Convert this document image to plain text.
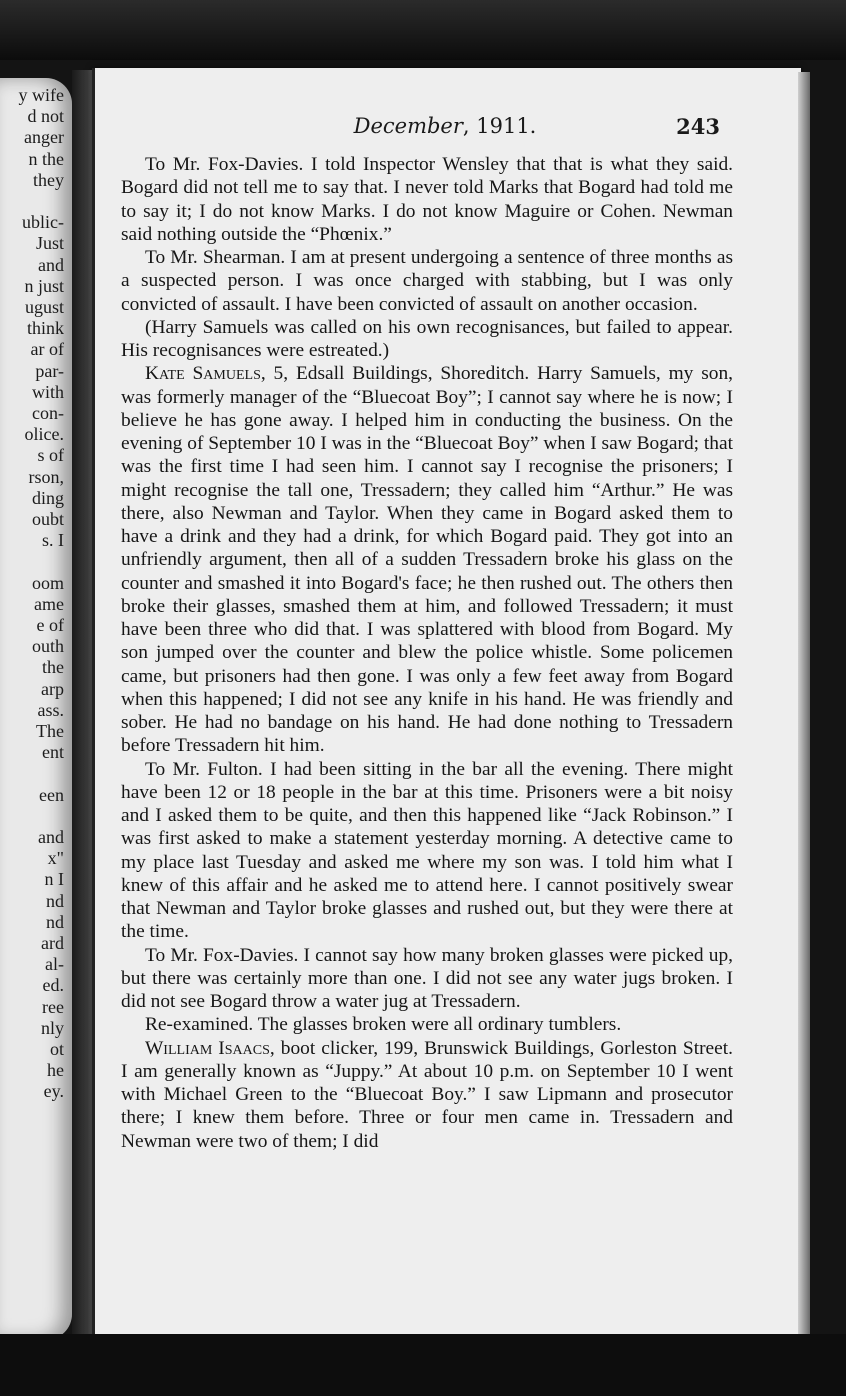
y wife
d not
anger
n the
they
ublic-
Just
and
n just
ugust
think
ar of
par-
with
con-
olice.
s of
rson,
ding
oubt
s. I
oom
ame
e of
outh
the
arp
ass.
The
ent
een
and
x"
n I
nd
nd
ard
al-
ed.
ree
nly
ot
he
ey.
December, 1911.	243

To Mr. Fox-Davies. I told Inspector Wensley that that is what they said. Bogard did not tell me to say that. I never told Marks that Bogard had told me to say it; I do not know Marks. I do not know Maguire or Cohen. Newman said nothing outside the “Phœnix.”

To Mr. Shearman. I am at present undergoing a sentence of three months as a suspected person. I was once charged with stabbing, but I was only convicted of assault. I have been convicted of assault on another occasion.

(Harry Samuels was called on his own recognisances, but failed to appear. His recognisances were estreated.)

Kate Samuels, 5, Edsall Buildings, Shoreditch. Harry Samuels, my son, was formerly manager of the “Bluecoat Boy”; I cannot say where he is now; I believe he has gone away. I helped him in conducting the business. On the evening of September 10 I was in the “Bluecoat Boy” when I saw Bogard; that was the first time I had seen him. I cannot say I recognise the prisoners; I might recognise the tall one, Tressadern; they called him “Arthur.” He was there, also Newman and Taylor. When they came in Bogard asked them to have a drink and they had a drink, for which Bogard paid. They got into an unfriendly argument, then all of a sudden Tressadern broke his glass on the counter and smashed it into Bogard's face; he then rushed out. The others then broke their glasses, smashed them at him, and followed Tressadern; it must have been three who did that. I was splattered with blood from Bogard. My son jumped over the counter and blew the police whistle. Some policemen came, but prisoners had then gone. I was only a few feet away from Bogard when this happened; I did not see any knife in his hand. He was friendly and sober. He had no bandage on his hand. He had done nothing to Tressadern before Tressadern hit him.

To Mr. Fulton. I had been sitting in the bar all the evening. There might have been 12 or 18 people in the bar at this time. Prisoners were a bit noisy and I asked them to be quite, and then this happened like “Jack Robinson.” I was first asked to make a statement yesterday morning. A detective came to my place last Tuesday and asked me where my son was. I told him what I knew of this affair and he asked me to attend here. I cannot positively swear that Newman and Taylor broke glasses and rushed out, but they were there at the time.

To Mr. Fox-Davies. I cannot say how many broken glasses were picked up, but there was certainly more than one. I did not see any water jugs broken. I did not see Bogard throw a water jug at Tressadern.

Re-examined. The glasses broken were all ordinary tumblers.

William Isaacs, boot clicker, 199, Brunswick Buildings, Gorleston Street. I am generally known as “Juppy.” At about 10 p.m. on September 10 I went with Michael Green to the “Bluecoat Boy.” I saw Lipmann and prosecutor there; I knew them before. Three or four men came in. Tressadern and Newman were two of them; I did
